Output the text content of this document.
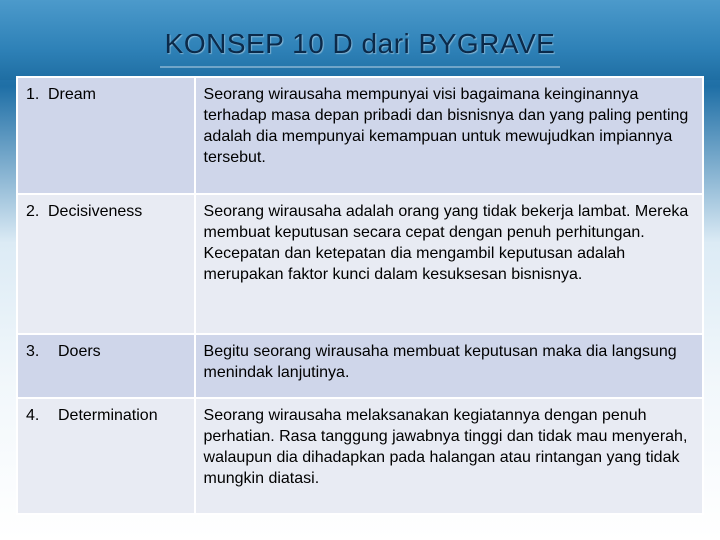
KONSEP 10 D dari BYGRAVE
1. Dream	Seorang wirausaha mempunyai visi bagaimana keinginannya terhadap masa depan pribadi dan bisnisnya dan yang paling penting adalah dia mempunyai kemampuan untuk mewujudkan impiannya tersebut.
2. Decisiveness	Seorang wirausaha adalah orang yang tidak bekerja lambat. Mereka membuat keputusan secara cepat dengan penuh perhitungan. Kecepatan dan ketepatan dia mengambil keputusan adalah merupakan faktor kunci dalam kesuksesan bisnisnya.
3. Doers	Begitu seorang wirausaha membuat keputusan maka dia langsung menindak lanjutinya.
4. Determination	Seorang wirausaha melaksanakan kegiatannya dengan penuh perhatian. Rasa tanggung jawabnya tinggi dan tidak mau menyerah, walaupun dia dihadapkan pada halangan atau rintangan yang tidak mungkin diatasi.
